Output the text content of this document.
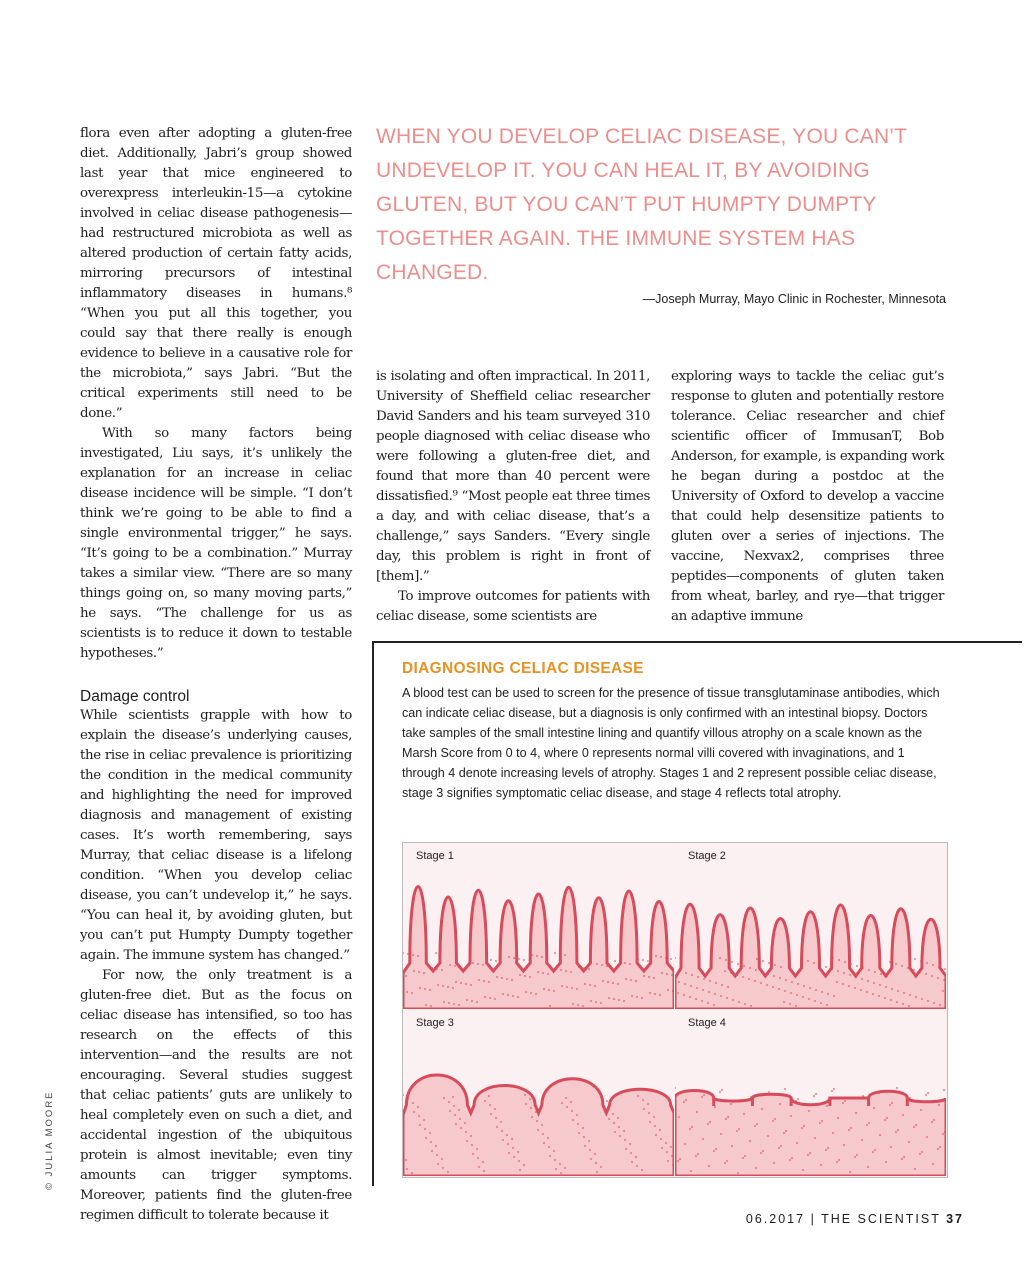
flora even after adopting a gluten-free diet. Additionally, Jabri’s group showed last year that mice engineered to overexpress interleukin-15—a cytokine involved in celiac disease pathogenesis—had restructured microbiota as well as altered production of certain fatty acids, mirroring precursors of intestinal inflammatory diseases in humans.⁸ “When you put all this together, you could say that there really is enough evidence to believe in a causative role for the microbiota,” says Jabri. “But the critical experiments still need to be done.”

With so many factors being investigated, Liu says, it’s unlikely the explanation for an increase in celiac disease incidence will be simple. “I don’t think we’re going to be able to find a single environmental trigger,” he says. “It’s going to be a combination.” Murray takes a similar view. “There are so many things going on, so many moving parts,” he says. “The challenge for us as scientists is to reduce it down to testable hypotheses.”

Damage control

While scientists grapple with how to explain the disease’s underlying causes, the rise in celiac prevalence is prioritizing the condition in the medical community and highlighting the need for improved diagnosis and management of existing cases. It’s worth remembering, says Murray, that celiac disease is a lifelong condition. “When you develop celiac disease, you can’t undevelop it,” he says. “You can heal it, by avoiding gluten, but you can’t put Humpty Dumpty together again. The immune system has changed.”

For now, the only treatment is a gluten-free diet. But as the focus on celiac disease has intensified, so too has research on the effects of this intervention—and the results are not encouraging. Several studies suggest that celiac patients’ guts are unlikely to heal completely even on such a diet, and accidental ingestion of the ubiquitous protein is almost inevitable; even tiny amounts can trigger symptoms. Moreover, patients find the gluten-free regimen difficult to tolerate because it

WHEN YOU DEVELOP CELIAC DISEASE, YOU CAN’T UNDEVELOP IT. YOU CAN HEAL IT, BY AVOIDING GLUTEN, BUT YOU CAN’T PUT HUMPTY DUMPTY TOGETHER AGAIN. THE IMMUNE SYSTEM HAS CHANGED.

—Joseph Murray, Mayo Clinic in Rochester, Minnesota

is isolating and often impractical. In 2011, University of Sheffield celiac researcher David Sanders and his team surveyed 310 people diagnosed with celiac disease who were following a gluten-free diet, and found that more than 40 percent were dissatisfied.⁹ “Most people eat three times a day, and with celiac disease, that’s a challenge,” says Sanders. “Every single day, this problem is right in front of [them].”

To improve outcomes for patients with celiac disease, some scientists are

exploring ways to tackle the celiac gut’s response to gluten and potentially restore tolerance. Celiac researcher and chief scientific officer of ImmusanT, Bob Anderson, for example, is expanding work he began during a postdoc at the University of Oxford to develop a vaccine that could help desensitize patients to gluten over a series of injections. The vaccine, Nexvax2, comprises three peptides—components of gluten taken from wheat, barley, and rye—that trigger an adaptive immune

DIAGNOSING CELIAC DISEASE

A blood test can be used to screen for the presence of tissue transglutaminase antibodies, which can indicate celiac disease, but a diagnosis is only confirmed with an intestinal biopsy. Doctors take samples of the small intestine lining and quantify villous atrophy on a scale known as the Marsh Score from 0 to 4, where 0 represents normal villi covered with invaginations, and 1 through 4 denote increasing levels of atrophy. Stages 1 and 2 represent possible celiac disease, stage 3 signifies symptomatic celiac disease, and stage 4 reflects total atrophy.

Stage 1	Stage 2
Stage 3	Stage 4
© JULIA MOORE
06.2017 | THE SCIENTIST 37
